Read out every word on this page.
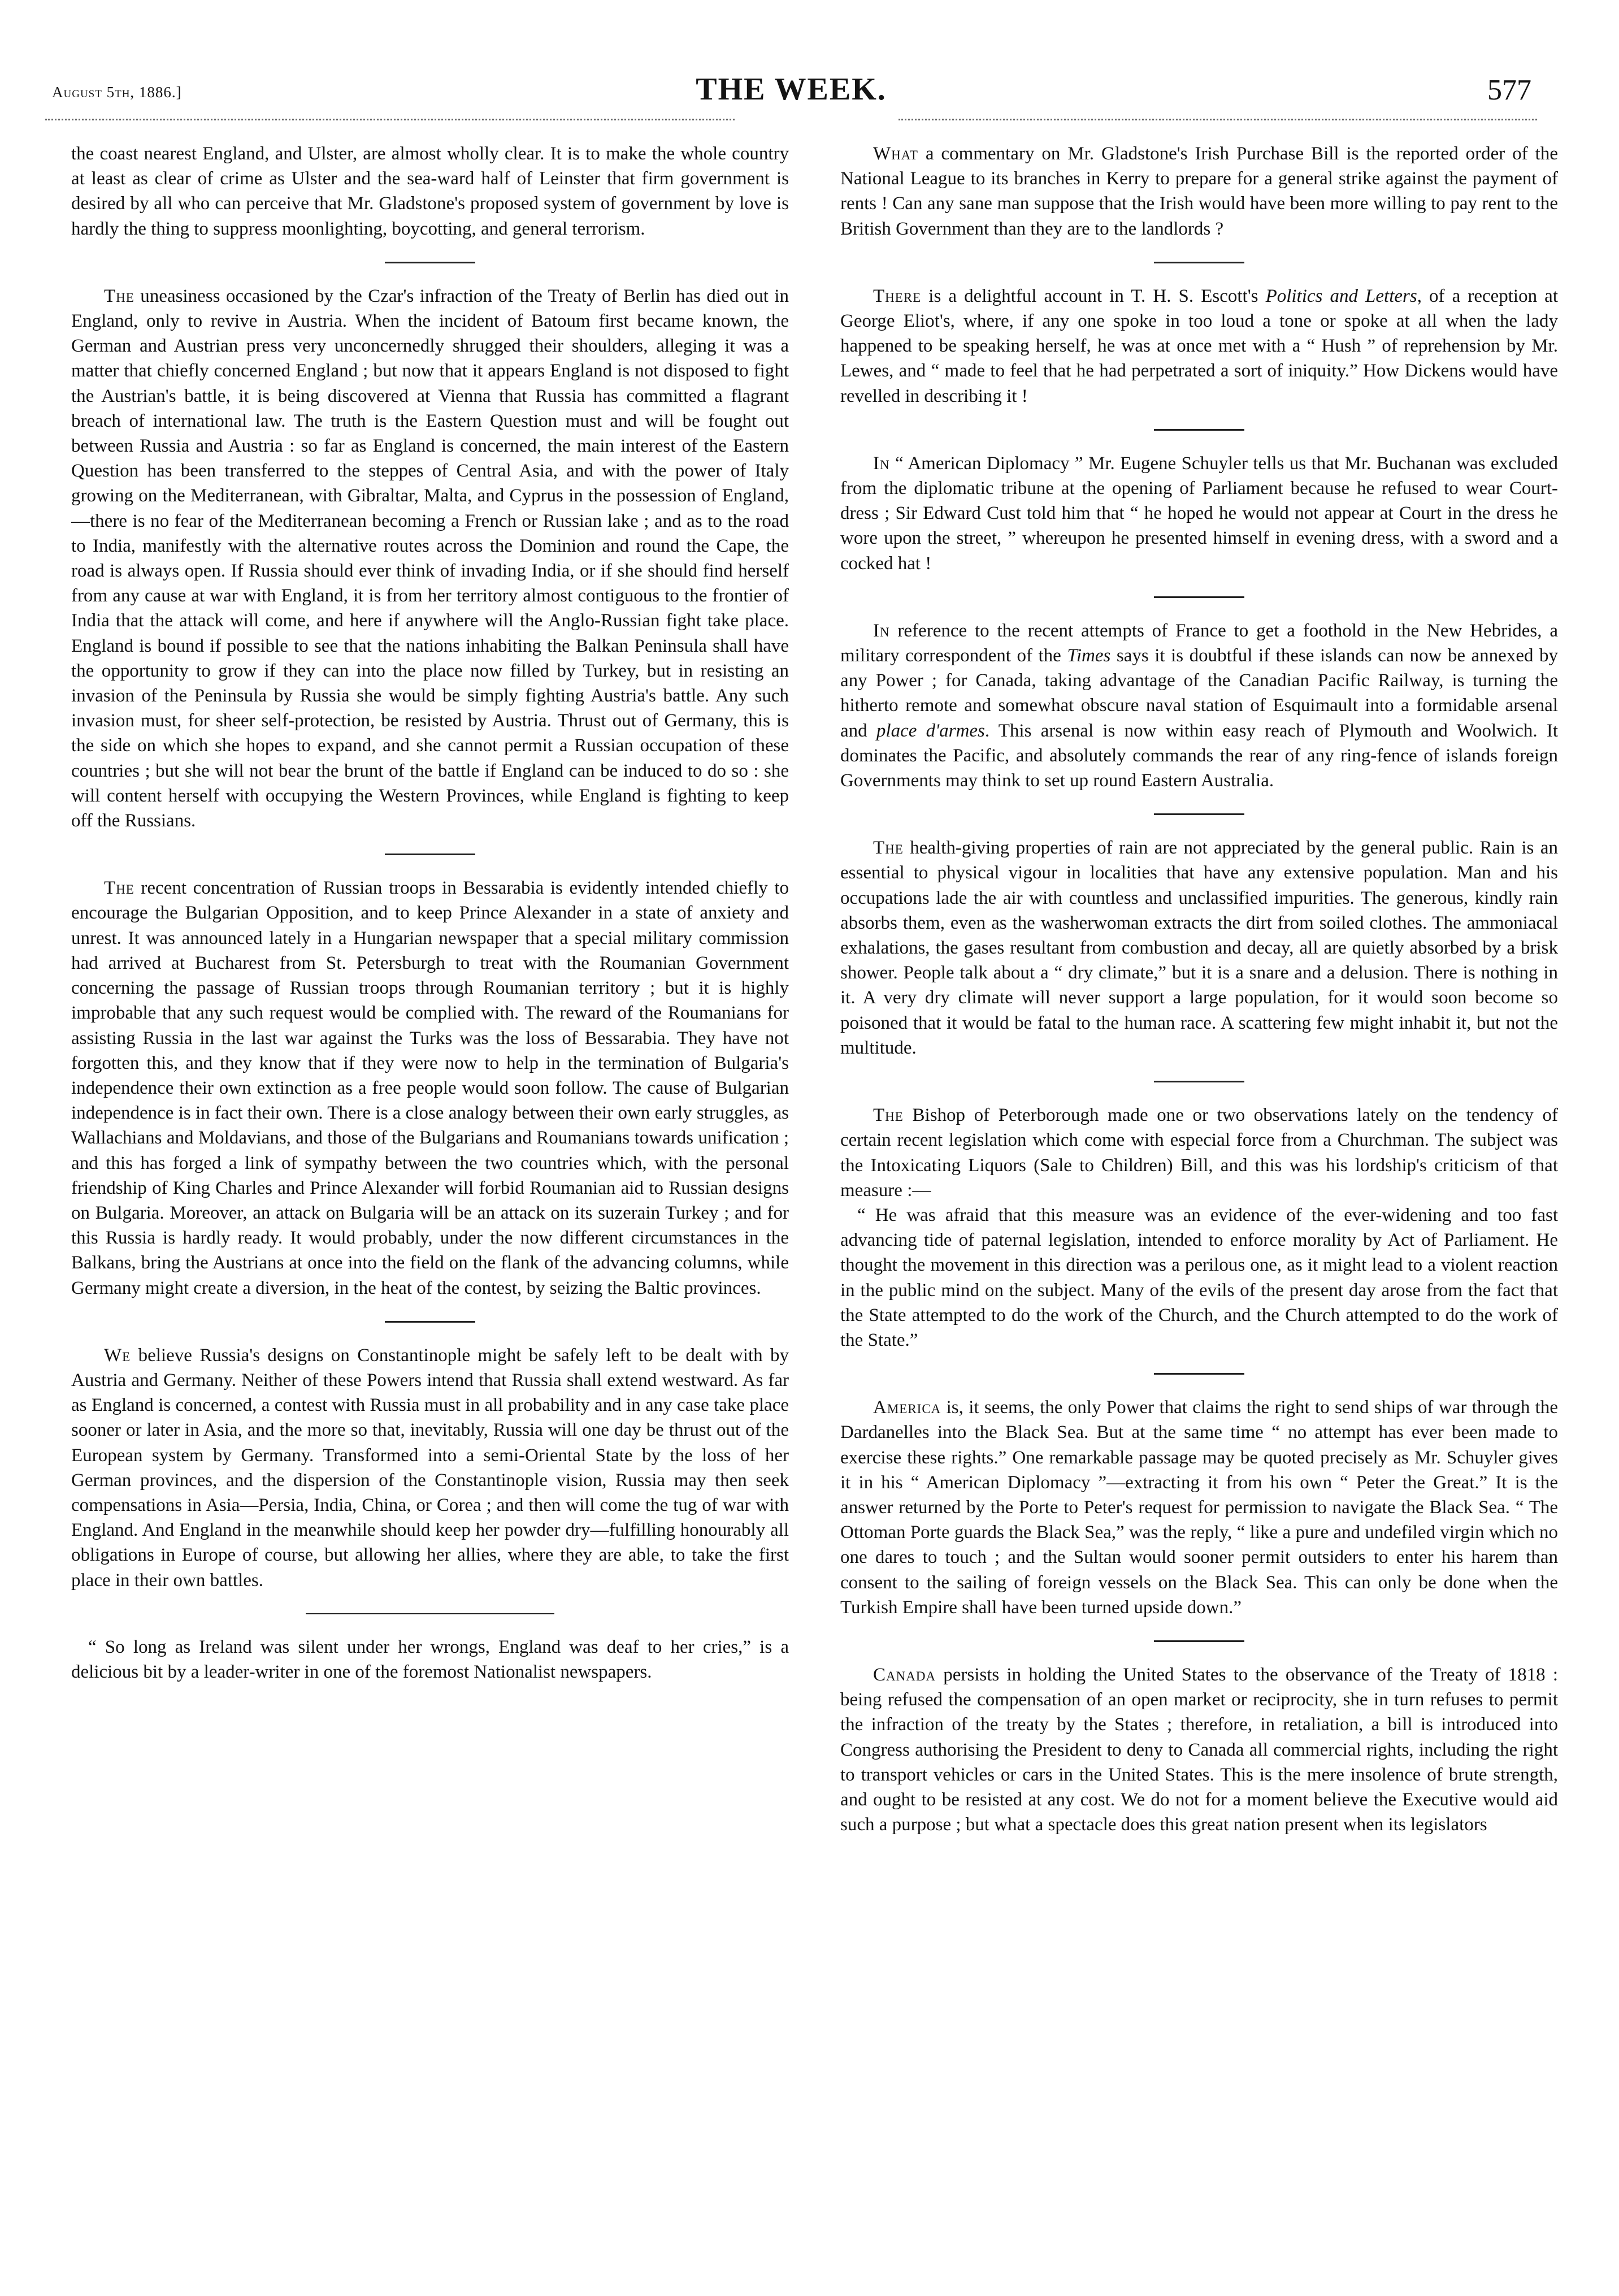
August 5th, 1886.]	THE WEEK.	577

the coast nearest England, and Ulster, are almost wholly clear. It is to make the whole country at least as clear of crime as Ulster and the sea-ward half of Leinster that firm government is desired by all who can perceive that Mr. Gladstone's proposed system of government by love is hardly the thing to suppress moonlighting, boycotting, and general terrorism.

The uneasiness occasioned by the Czar's infraction of the Treaty of Berlin has died out in England, only to revive in Austria. When the incident of Batoum first became known, the German and Austrian press very unconcernedly shrugged their shoulders, alleging it was a matter that chiefly concerned England ; but now that it appears England is not disposed to fight the Austrian's battle, it is being discovered at Vienna that Russia has committed a flagrant breach of international law. The truth is the Eastern Question must and will be fought out between Russia and Austria : so far as England is concerned, the main interest of the Eastern Question has been transferred to the steppes of Central Asia, and with the power of Italy growing on the Mediterranean, with Gibraltar, Malta, and Cyprus in the possession of England,—there is no fear of the Mediterranean becoming a French or Russian lake ; and as to the road to India, manifestly with the alternative routes across the Dominion and round the Cape, the road is always open. If Russia should ever think of invading India, or if she should find herself from any cause at war with England, it is from her territory almost contiguous to the frontier of India that the attack will come, and here if anywhere will the Anglo-Russian fight take place. England is bound if possible to see that the nations inhabiting the Balkan Peninsula shall have the opportunity to grow if they can into the place now filled by Turkey, but in resisting an invasion of the Peninsula by Russia she would be simply fighting Austria's battle. Any such invasion must, for sheer self-protection, be resisted by Austria. Thrust out of Germany, this is the side on which she hopes to expand, and she cannot permit a Russian occupation of these countries ; but she will not bear the brunt of the battle if England can be induced to do so : she will content herself with occupying the Western Provinces, while England is fighting to keep off the Russians.

The recent concentration of Russian troops in Bessarabia is evidently intended chiefly to encourage the Bulgarian Opposition, and to keep Prince Alexander in a state of anxiety and unrest. It was announced lately in a Hungarian newspaper that a special military commission had arrived at Bucharest from St. Petersburgh to treat with the Roumanian Government concerning the passage of Russian troops through Roumanian territory ; but it is highly improbable that any such request would be complied with. The reward of the Roumanians for assisting Russia in the last war against the Turks was the loss of Bessarabia. They have not forgotten this, and they know that if they were now to help in the termination of Bulgaria's independence their own extinction as a free people would soon follow. The cause of Bulgarian independence is in fact their own. There is a close analogy between their own early struggles, as Wallachians and Moldavians, and those of the Bulgarians and Roumanians towards unification ; and this has forged a link of sympathy between the two countries which, with the personal friendship of King Charles and Prince Alexander will forbid Roumanian aid to Russian designs on Bulgaria. Moreover, an attack on Bulgaria will be an attack on its suzerain Turkey ; and for this Russia is hardly ready. It would probably, under the now different circumstances in the Balkans, bring the Austrians at once into the field on the flank of the advancing columns, while Germany might create a diversion, in the heat of the contest, by seizing the Baltic provinces.

We believe Russia's designs on Constantinople might be safely left to be dealt with by Austria and Germany. Neither of these Powers intend that Russia shall extend westward. As far as England is concerned, a contest with Russia must in all probability and in any case take place sooner or later in Asia, and the more so that, inevitably, Russia will one day be thrust out of the European system by Germany. Transformed into a semi-Oriental State by the loss of her German provinces, and the dispersion of the Constantinople vision, Russia may then seek compensations in Asia—Persia, India, China, or Corea ; and then will come the tug of war with England. And England in the meanwhile should keep her powder dry—fulfilling honourably all obligations in Europe of course, but allowing her allies, where they are able, to take the first place in their own battles.

“ So long as Ireland was silent under her wrongs, England was deaf to her cries,” is a delicious bit by a leader-writer in one of the foremost Nationalist newspapers.

What a commentary on Mr. Gladstone's Irish Purchase Bill is the reported order of the National League to its branches in Kerry to prepare for a general strike against the payment of rents ! Can any sane man suppose that the Irish would have been more willing to pay rent to the British Government than they are to the landlords ?

There is a delightful account in T. H. S. Escott's Politics and Letters, of a reception at George Eliot's, where, if any one spoke in too loud a tone or spoke at all when the lady happened to be speaking herself, he was at once met with a “ Hush ” of reprehension by Mr. Lewes, and “ made to feel that he had perpetrated a sort of iniquity.” How Dickens would have revelled in describing it !

In “ American Diplomacy ” Mr. Eugene Schuyler tells us that Mr. Buchanan was excluded from the diplomatic tribune at the opening of Parliament because he refused to wear Court-dress ; Sir Edward Cust told him that “ he hoped he would not appear at Court in the dress he wore upon the street, ” whereupon he presented himself in evening dress, with a sword and a cocked hat !

In reference to the recent attempts of France to get a foothold in the New Hebrides, a military correspondent of the Times says it is doubtful if these islands can now be annexed by any Power ; for Canada, taking advantage of the Canadian Pacific Railway, is turning the hitherto remote and somewhat obscure naval station of Esquimault into a formidable arsenal and place d'armes. This arsenal is now within easy reach of Plymouth and Woolwich. It dominates the Pacific, and absolutely commands the rear of any ring-fence of islands foreign Governments may think to set up round Eastern Australia.

The health-giving properties of rain are not appreciated by the general public. Rain is an essential to physical vigour in localities that have any extensive population. Man and his occupations lade the air with countless and unclassified impurities. The generous, kindly rain absorbs them, even as the washerwoman extracts the dirt from soiled clothes. The ammoniacal exhalations, the gases resultant from combustion and decay, all are quietly absorbed by a brisk shower. People talk about a “ dry climate,” but it is a snare and a delusion. There is nothing in it. A very dry climate will never support a large population, for it would soon become so poisoned that it would be fatal to the human race. A scattering few might inhabit it, but not the multitude.

The Bishop of Peterborough made one or two observations lately on the tendency of certain recent legislation which come with especial force from a Churchman. The subject was the Intoxicating Liquors (Sale to Children) Bill, and this was his lordship's criticism of that measure :—

“ He was afraid that this measure was an evidence of the ever-widening and too fast advancing tide of paternal legislation, intended to enforce morality by Act of Parliament. He thought the movement in this direction was a perilous one, as it might lead to a violent reaction in the public mind on the subject. Many of the evils of the present day arose from the fact that the State attempted to do the work of the Church, and the Church attempted to do the work of the State.”

America is, it seems, the only Power that claims the right to send ships of war through the Dardanelles into the Black Sea. But at the same time “ no attempt has ever been made to exercise these rights.” One remarkable passage may be quoted precisely as Mr. Schuyler gives it in his “ American Diplomacy ”—extracting it from his own “ Peter the Great.” It is the answer returned by the Porte to Peter's request for permission to navigate the Black Sea. “ The Ottoman Porte guards the Black Sea,” was the reply, “ like a pure and undefiled virgin which no one dares to touch ; and the Sultan would sooner permit outsiders to enter his harem than consent to the sailing of foreign vessels on the Black Sea. This can only be done when the Turkish Empire shall have been turned upside down.”

Canada persists in holding the United States to the observance of the Treaty of 1818 : being refused the compensation of an open market or reciprocity, she in turn refuses to permit the infraction of the treaty by the States ; therefore, in retaliation, a bill is introduced into Congress authorising the President to deny to Canada all commercial rights, including the right to transport vehicles or cars in the United States. This is the mere insolence of brute strength, and ought to be resisted at any cost. We do not for a moment believe the Executive would aid such a purpose ; but what a spectacle does this great nation present when its legislators
